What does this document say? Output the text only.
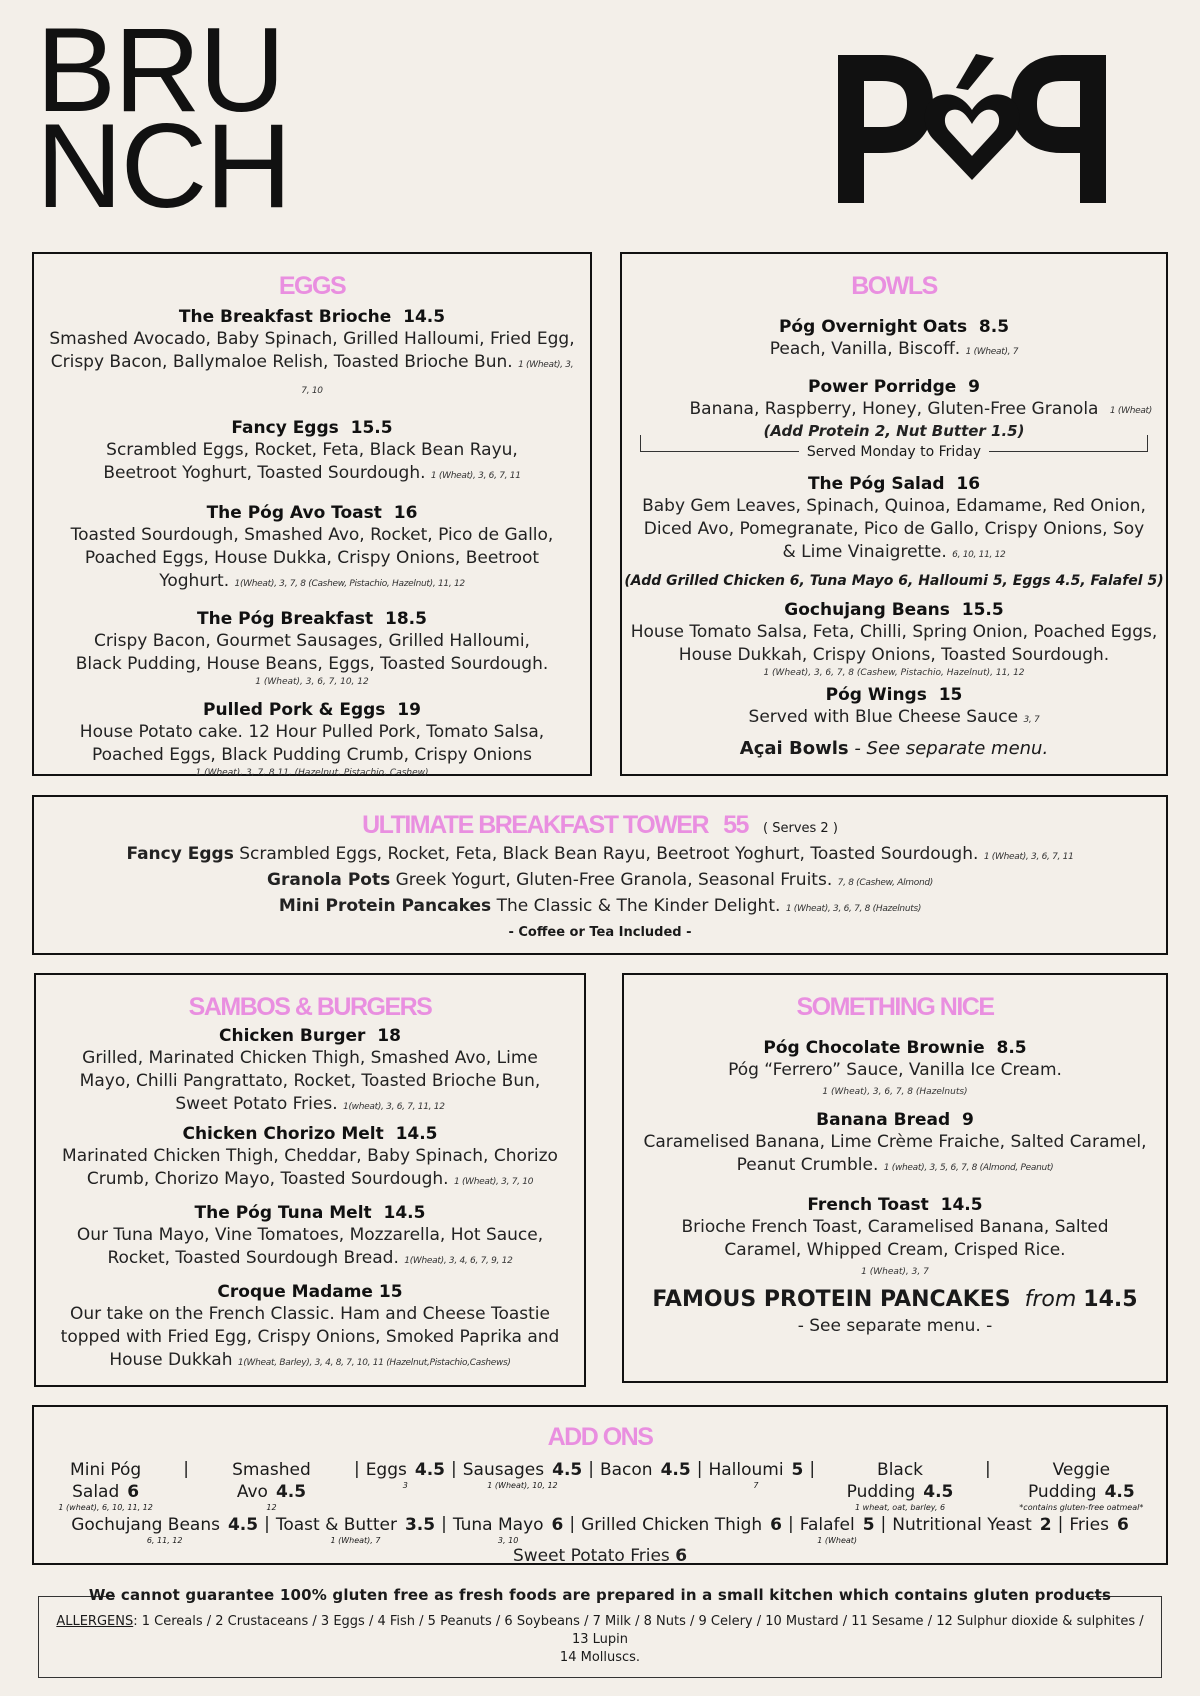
BRU
NCH
EGGS
The Breakfast Brioche 14.5
Smashed Avocado, Baby Spinach, Grilled Halloumi, Fried Egg, Crispy Bacon, Ballymaloe Relish, Toasted Brioche Bun. 1 (Wheat), 3, 7, 10
Fancy Eggs 15.5
Scrambled Eggs, Rocket, Feta, Black Bean Rayu, Beetroot Yoghurt, Toasted Sourdough. 1 (Wheat), 3, 6, 7, 11
The Pόg Avo Toast 16
Toasted Sourdough, Smashed Avo, Rocket, Pico de Gallo, Poached Eggs, House Dukka, Crispy Onions, Beetroot Yoghurt. 1(Wheat), 3, 7, 8 (Cashew, Pistachio, Hazelnut), 11, 12
The Póg Breakfast 18.5
Crispy Bacon, Gourmet Sausages, Grilled Halloumi, Black Pudding, House Beans, Eggs, Toasted Sourdough.
1 (Wheat), 3, 6, 7, 10, 12
Pulled Pork & Eggs 19
House Potato cake. 12 Hour Pulled Pork, Tomato Salsa, Poached Eggs, Black Pudding Crumb, Crispy Onions
1 (Wheat), 3, 7, 8 11, (Hazelnut, Pistachio, Cashew)
BOWLS
Póg Overnight Oats 8.5
Peach, Vanilla, Biscoff. 1 (Wheat), 7
Power Porridge 9
Banana, Raspberry, Honey, Gluten-Free Granola	1 (Wheat)
(Add Protein 2, Nut Butter 1.5)
Served Monday to Friday
The Póg Salad 16
Baby Gem Leaves, Spinach, Quinoa, Edamame, Red Onion, Diced Avo, Pomegranate, Pico de Gallo, Crispy Onions, Soy & Lime Vinaigrette. 6, 10, 11, 12
(Add Grilled Chicken 6, Tuna Mayo 6, Halloumi 5, Eggs 4.5, Falafel 5)
Gochujang Beans 15.5
House Tomato Salsa, Feta, Chilli, Spring Onion, Poached Eggs, House Dukkah, Crispy Onions, Toasted Sourdough.
1 (Wheat), 3, 6, 7, 8 (Cashew, Pistachio, Hazelnut), 11, 12
Póg Wings 15
Served with Blue Cheese Sauce 3, 7
Açai Bowls - See separate menu.
ULTIMATE BREAKFAST TOWER 55 ( Serves 2 )
Fancy Eggs Scrambled Eggs, Rocket, Feta, Black Bean Rayu, Beetroot Yoghurt, Toasted Sourdough. 1 (Wheat), 3, 6, 7, 11
Granola Pots Greek Yogurt, Gluten-Free Granola, Seasonal Fruits. 7, 8 (Cashew, Almond)
Mini Protein Pancakes The Classic & The Kinder Delight. 1 (Wheat), 3, 6, 7, 8 (Hazelnuts)
- Coffee or Tea Included -
SAMBOS & BURGERS
Chicken Burger 18
Grilled, Marinated Chicken Thigh, Smashed Avo, Lime Mayo, Chilli Pangrattato, Rocket, Toasted Brioche Bun, Sweet Potato Fries. 1(wheat), 3, 6, 7, 11, 12
Chicken Chorizo Melt 14.5
Marinated Chicken Thigh, Cheddar, Baby Spinach, Chorizo Crumb, Chorizo Mayo, Toasted Sourdough. 1 (Wheat), 3, 7, 10
The Póg Tuna Melt 14.5
Our Tuna Mayo, Vine Tomatoes, Mozzarella, Hot Sauce, Rocket, Toasted Sourdough Bread. 1(Wheat), 3, 4, 6, 7, 9, 12
Croque Madame 15
Our take on the French Classic. Ham and Cheese Toastie topped with Fried Egg, Crispy Onions, Smoked Paprika and House Dukkah 1(Wheat, Barley), 3, 4, 8, 7, 10, 11 (Hazelnut,Pistachio,Cashews)
SOMETHING NICE
Póg Chocolate Brownie 8.5
Póg “Ferrero” Sauce, Vanilla Ice Cream.
1 (Wheat), 3, 6, 7, 8 (Hazelnuts)
Banana Bread 9
Caramelised Banana, Lime Crème Fraiche, Salted Caramel, Peanut Crumble. 1 (wheat), 3, 5, 6, 7, 8 (Almond, Peanut)
French Toast 14.5
Brioche French Toast, Caramelised Banana, Salted Caramel, Whipped Cream, Crisped Rice.
1 (Wheat), 3, 7
FAMOUS PROTEIN PANCAKES from 14.5
- See separate menu. -
ADD ONS
Mini Póg Salad 6
1 (wheat), 6, 10, 11, 12
|	Smashed Avo 4.5
12
| Eggs 4.5
3
| Sausages 4.5
1 (Wheat), 10, 12
| Bacon 4.5 | Halloumi 5
7
|	Black Pudding 4.5
1 wheat, oat, barley, 6
|	Veggie Pudding 4.5
*contains gluten-free oatmeal*
Gochujang Beans 4.5
6, 11, 12
| Toast & Butter 3.5
1 (Wheat), 7
| Tuna Mayo 6
3, 10
| Grilled Chicken Thigh 6 | Falafel 5
1 (Wheat)
| Nutritional Yeast 2 | Fries 6
Sweet Potato Fries 6
We cannot guarantee 100% gluten free as fresh foods are prepared in a small kitchen which contains gluten products
ALLERGENS: 1 Cereals / 2 Crustaceans / 3 Eggs / 4 Fish / 5 Peanuts / 6 Soybeans / 7 Milk / 8 Nuts / 9 Celery / 10 Mustard / 11 Sesame / 12 Sulphur dioxide & sulphites / 13 Lupin
14 Molluscs.
